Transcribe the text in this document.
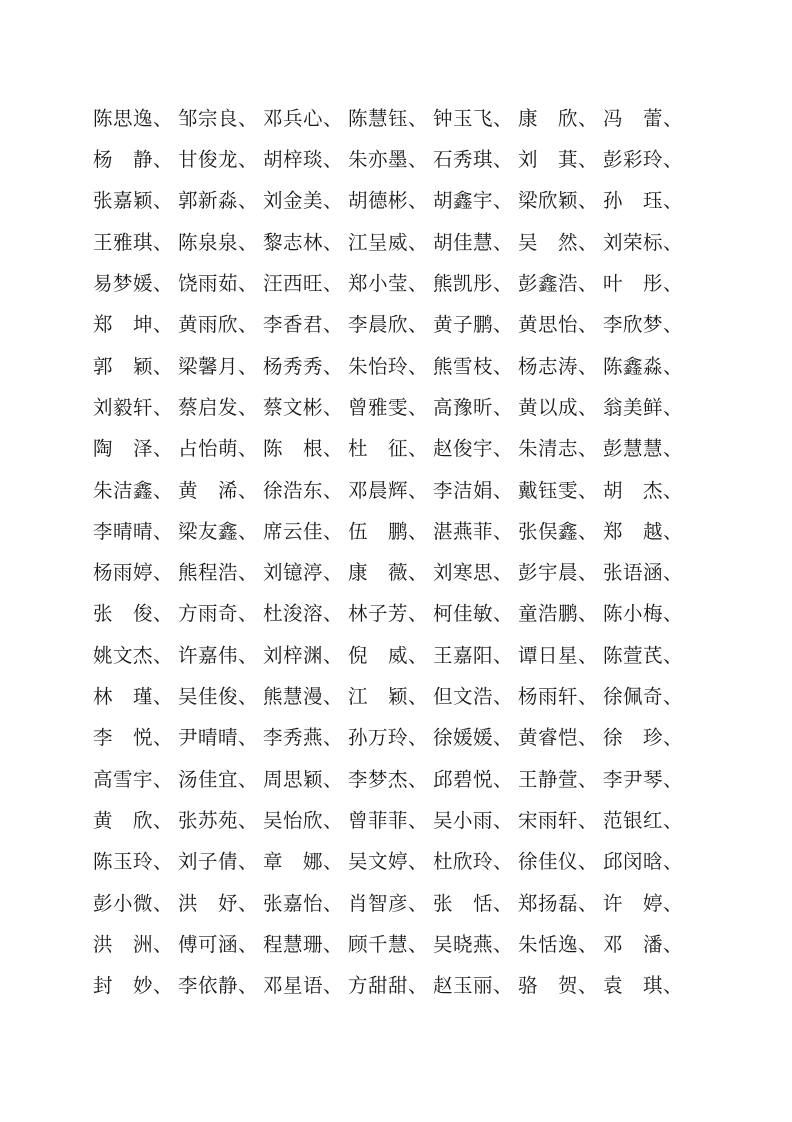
陈思逸、 邹宗良、 邓兵心、 陈慧钰、 钟玉飞、 康　欣、 冯　蕾、
杨　静、 甘俊龙、 胡梓琰、 朱亦墨、 石秀琪、 刘　萁、 彭彩玲、
张嘉颖、 郭新淼、 刘金美、 胡德彬、 胡鑫宇、 梁欣颖、 孙　珏、
王雅琪、 陈泉泉、 黎志林、 江呈威、 胡佳慧、 吴　然、 刘荣标、
易梦媛、 饶雨茹、 汪西旺、 郑小莹、 熊凯彤、 彭鑫浩、 叶　彤、
郑　坤、 黄雨欣、 李香君、 李晨欣、 黄子鹏、 黄思怡、 李欣梦、
郭　颖、 梁馨月、 杨秀秀、 朱怡玲、 熊雪枝、 杨志涛、 陈鑫淼、
刘毅轩、 蔡启发、 蔡文彬、 曾雅雯、 高豫昕、 黄以成、 翁美鲜、
陶　泽、 占怡萌、 陈　根、 杜　征、 赵俊宇、 朱清志、 彭慧慧、
朱洁鑫、 黄　浠、 徐浩东、 邓晨辉、 李洁娟、 戴钰雯、 胡　杰、
李晴晴、 梁友鑫、 席云佳、 伍　鹏、 湛燕菲、 张俣鑫、 郑　越、
杨雨婷、 熊程浩、 刘镱渟、 康　薇、 刘寒思、 彭宇晨、 张语涵、
张　俊、 方雨奇、 杜浚溶、 林子芳、 柯佳敏、 童浩鹏、 陈小梅、
姚文杰、 许嘉伟、 刘梓渊、 倪　威、 王嘉阳、 谭日星、 陈萱芪、
林　瑾、 吴佳俊、 熊慧漫、 江　颖、 但文浩、 杨雨轩、 徐佩奇、
李　悦、 尹晴晴、 李秀燕、 孙万玲、 徐媛媛、 黄睿恺、 徐　珍、
高雪宇、 汤佳宜、 周思颖、 李梦杰、 邱碧悦、 王静萱、 李尹琴、
黄　欣、 张苏苑、 吴怡欣、 曾菲菲、 吴小雨、 宋雨轩、 范银红、
陈玉玲、 刘子倩、 章　娜、 吴文婷、 杜欣玲、 徐佳仪、 邱闵晗、
彭小微、 洪　妤、 张嘉怡、 肖智彦、 张　恬、 郑扬磊、 许　婷、
洪　洲、 傅可涵、 程慧珊、 顾千慧、 吴晓燕、 朱恬逸、 邓　潘、
封　妙、 李依静、 邓星语、 方甜甜、 赵玉丽、 骆　贺、 袁　琪、
